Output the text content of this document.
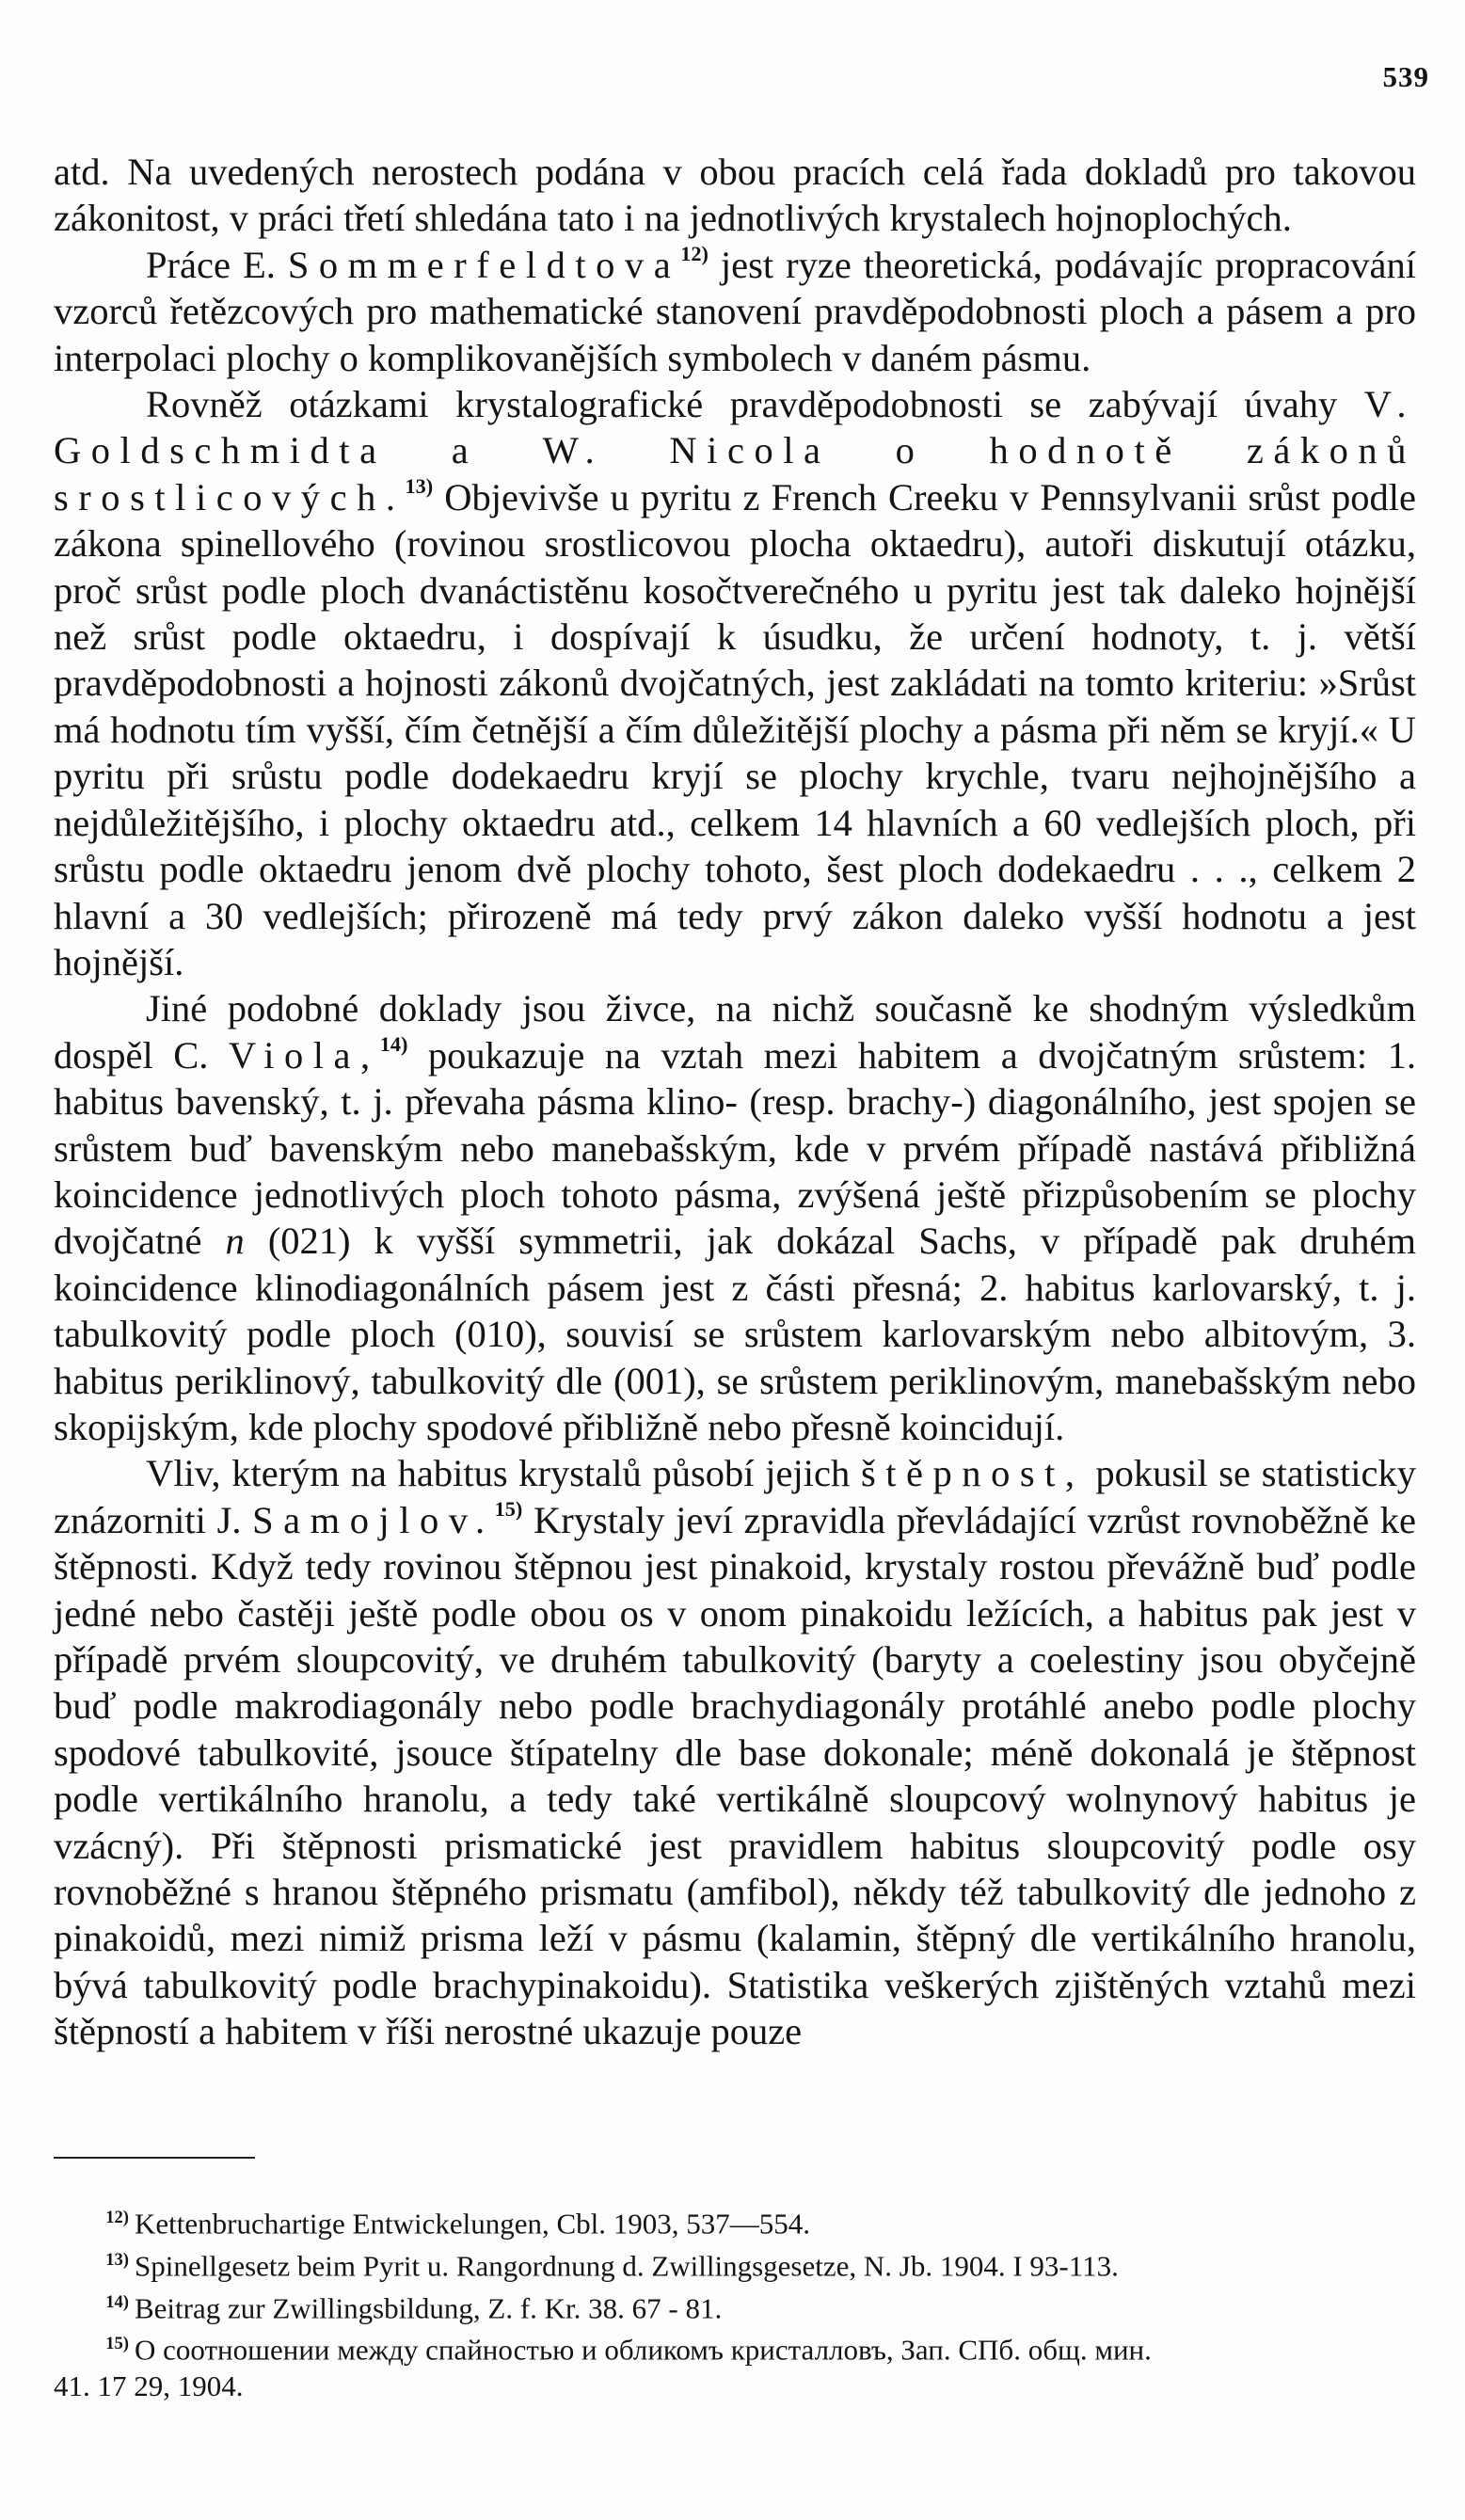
539

atd. Na uvedených nerostech podána v obou pracích celá řada dokladů pro takovou zákonitost, v práci třetí shledána tato i na jednotlivých krystalech hojnoplochých.

Práce E. Sommerfeldtova$^{12)}$ jest ryze theoretická, podávajíc propracování vzorců řetězcových pro mathematické stanovení pravděpodobnosti ploch a pásem a pro interpolaci plochy o komplikovanějších symbolech v daném pásmu.

Rovněž otázkami krystalografické pravděpodobnosti se zabývají úvahy V. Goldschmidta a W. Nicola o hodnotě zákonů srostlicových.$^{13)}$ Objevivše u pyritu z French Creeku v Pennsylvanii srůst podle zákona spinellového (rovinou srostlicovou plocha oktaedru), autoři diskutují otázku, proč srůst podle ploch dvanáctistěnu kosočtverečného u pyritu jest tak daleko hojnější než srůst podle oktaedru, i dospívají k úsudku, že určení hodnoty, t. j. větší pravděpodobnosti a hojnosti zákonů dvojčatných, jest zakládati na tomto kriteriu: »Srůst má hodnotu tím vyšší, čím četnější a čím důležitější plochy a pásma při něm se kryjí.« U pyritu při srůstu podle dodekaedru kryjí se plochy krychle, tvaru nejhojnějšího a nejdůležitějšího, i plochy oktaedru atd., celkem 14 hlavních a 60 vedlejších ploch, při srůstu podle oktaedru jenom dvě plochy tohoto, šest ploch dodekaedru . . ., celkem 2 hlavní a 30 vedlejších; přirozeně má tedy prvý zákon daleko vyšší hodnotu a jest hojnější.

Jiné podobné doklady jsou živce, na nichž současně ke shodným výsledkům dospěl C. Viola,$^{14)}$ poukazuje na vztah mezi habitem a dvojčatným srůstem: 1. habitus bavenský, t. j. převaha pásma klino- (resp. brachy-) diagonálního, jest spojen se srůstem buď bavenským nebo manebašským, kde v prvém případě nastává přibližná koincidence jednotlivých ploch tohoto pásma, zvýšená ještě přizpůsobením se plochy dvojčatné n (021) k vyšší symmetrii, jak dokázal Sachs, v případě pak druhém koincidence klinodiagonálních pásem jest z části přesná; 2. habitus karlovarský, t. j. tabulkovitý podle ploch (010), souvisí se srůstem karlovarským nebo albitovým, 3. habitus periklinový, tabulkovitý dle (001), se srůstem periklinovým, manebašským nebo skopijským, kde plochy spodové přibližně nebo přesně koincidují.

Vliv, kterým na habitus krystalů působí jejich štěpnost, pokusil se statisticky znázorniti J. Samojlov.$^{15)}$ Krystaly jeví zpravidla převládající vzrůst rovnoběžně ke štěpnosti. Když tedy rovinou štěpnou jest pinakoid, krystaly rostou převážně buď podle jedné nebo častěji ještě podle obou os v onom pinakoidu ležících, a habitus pak jest v případě prvém sloupcovitý, ve druhém tabulkovitý (baryty a coelestiny jsou obyčejně buď podle makrodiagonály nebo podle brachydiagonály protáhlé anebo podle plochy spodové tabulkovité, jsouce štípatelny dle base dokonale; méně dokonalá je štěpnost podle vertikálního hranolu, a tedy také vertikálně sloupcový wolnynový habitus je vzácný). Při štěpnosti prismatické jest pravidlem habitus sloupcovitý podle osy rovnoběžné s hranou štěpného prismatu (amfibol), někdy též tabulkovitý dle jednoho z pinakoidů, mezi nimiž prisma leží v pásmu (kalamin, štěpný dle vertikálního hranolu, bývá tabulkovitý podle brachypinakoidu). Statistika veškerých zjištěných vztahů mezi štěpností a habitem v říši nerostné ukazuje pouze

$^{12)}$ Kettenbruchartige Entwickelungen, Cbl. 1903, 537—554.

$^{13)}$ Spinellgesetz beim Pyrit u. Rangordnung d. Zwillingsgesetze, N. Jb. 1904. I 93-113.

$^{14)}$ Beitrag zur Zwillingsbildung, Z. f. Kr. 38. 67 - 81.

$^{15)}$ О соотношении между спайностью и обликомъ кристалловъ, Зап. СПб. общ. мин.

41. 17 29, 1904.
